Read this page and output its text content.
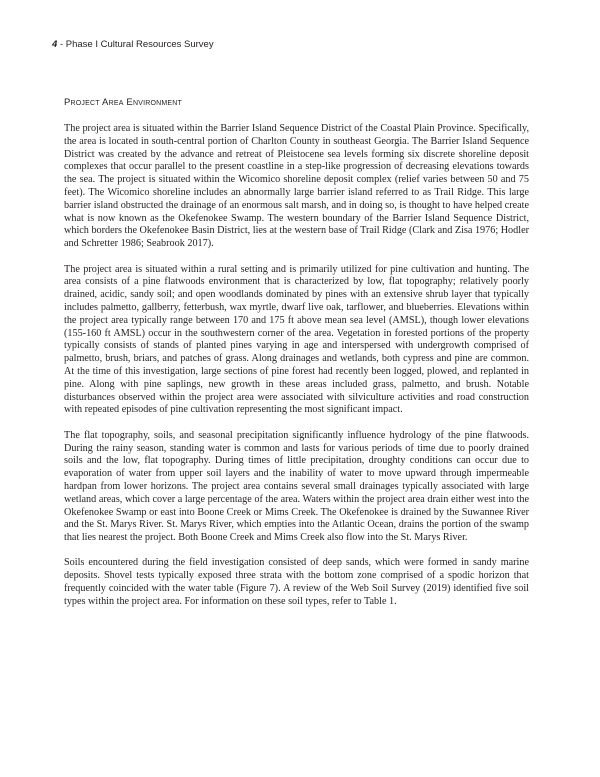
4 - Phase I Cultural Resources Survey
Project Area Environment

The project area is situated within the Barrier Island Sequence District of the Coastal Plain Province. Specifically, the area is located in south-central portion of Charlton County in southeast Georgia. The Barrier Island Sequence District was created by the advance and retreat of Pleistocene sea levels forming six discrete shoreline deposit complexes that occur parallel to the present coastline in a step-like progression of decreasing elevations towards the sea. The project is situated within the Wicomico shoreline deposit complex (relief varies between 50 and 75 feet). The Wicomico shoreline includes an abnormally large barrier island referred to as Trail Ridge. This large barrier island obstructed the drainage of an enormous salt marsh, and in doing so, is thought to have helped create what is now known as the Okefenokee Swamp. The western boundary of the Barrier Island Sequence District, which borders the Okefenokee Basin District, lies at the western base of Trail Ridge (Clark and Zisa 1976; Hodler and Schretter 1986; Seabrook 2017).

The project area is situated within a rural setting and is primarily utilized for pine cultivation and hunting. The area consists of a pine flatwoods environment that is characterized by low, flat topography; relatively poorly drained, acidic, sandy soil; and open woodlands dominated by pines with an extensive shrub layer that typically includes palmetto, gallberry, fetterbush, wax myrtle, dwarf live oak, tarflower, and blueberries. Elevations within the project area typically range between 170 and 175 ft above mean sea level (AMSL), though lower elevations (155-160 ft AMSL) occur in the southwestern corner of the area. Vegetation in forested portions of the property typically consists of stands of planted pines varying in age and interspersed with undergrowth comprised of palmetto, brush, briars, and patches of grass. Along drainages and wetlands, both cypress and pine are common. At the time of this investigation, large sections of pine forest had recently been logged, plowed, and replanted in pine. Along with pine saplings, new growth in these areas included grass, palmetto, and brush. Notable disturbances observed within the project area were associated with silviculture activities and road construction with repeated episodes of pine cultivation representing the most significant impact.

The flat topography, soils, and seasonal precipitation significantly influence hydrology of the pine flatwoods. During the rainy season, standing water is common and lasts for various periods of time due to poorly drained soils and the low, flat topography. During times of little precipitation, droughty conditions can occur due to evaporation of water from upper soil layers and the inability of water to move upward through impermeable hardpan from lower horizons. The project area contains several small drainages typically associated with large wetland areas, which cover a large percentage of the area. Waters within the project area drain either west into the Okefenokee Swamp or east into Boone Creek or Mims Creek. The Okefenokee is drained by the Suwannee River and the St. Marys River. St. Marys River, which empties into the Atlantic Ocean, drains the portion of the swamp that lies nearest the project. Both Boone Creek and Mims Creek also flow into the St. Marys River.

Soils encountered during the field investigation consisted of deep sands, which were formed in sandy marine deposits. Shovel tests typically exposed three strata with the bottom zone comprised of a spodic horizon that frequently coincided with the water table (Figure 7). A review of the Web Soil Survey (2019) identified five soil types within the project area. For information on these soil types, refer to Table 1.
